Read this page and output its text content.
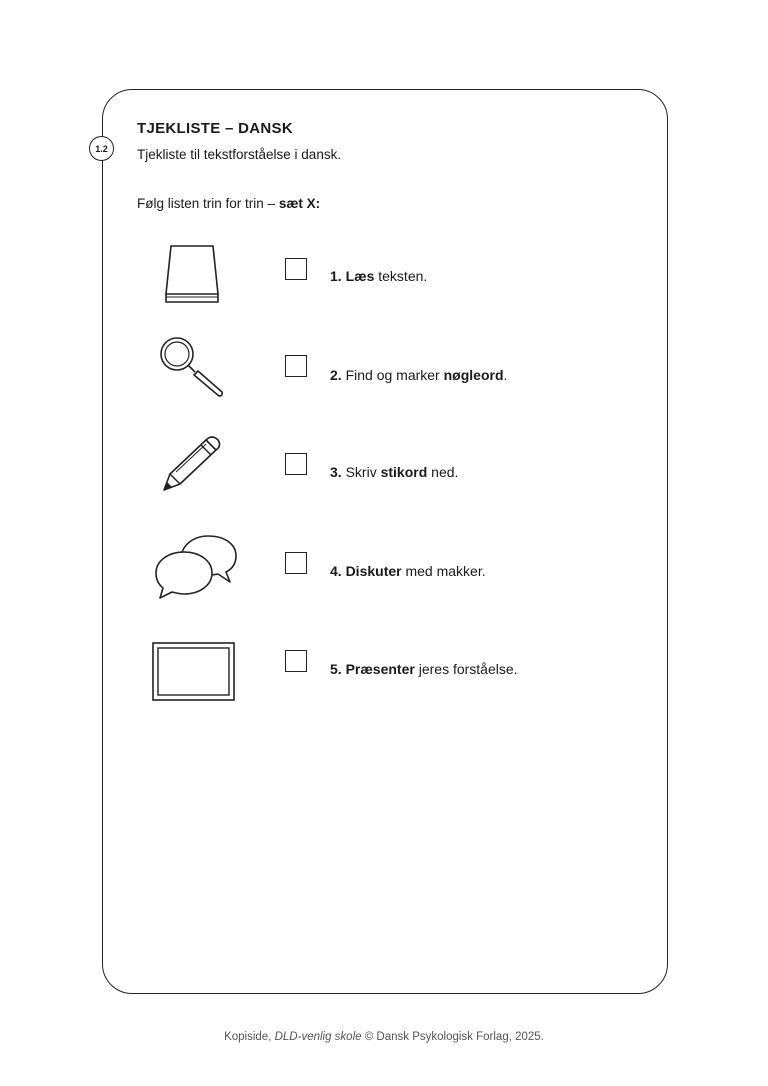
1.2
TJEKLISTE – DANSK
Tjekliste til tekstforståelse i dansk.
Følg listen trin for trin – sæt X:
1. Læs teksten.
2. Find og marker nøgleord.
3. Skriv stikord ned.
4. Diskuter med makker.
5. Præsenter jeres forståelse.
Kopiside, DLD-venlig skole © Dansk Psykologisk Forlag, 2025.
